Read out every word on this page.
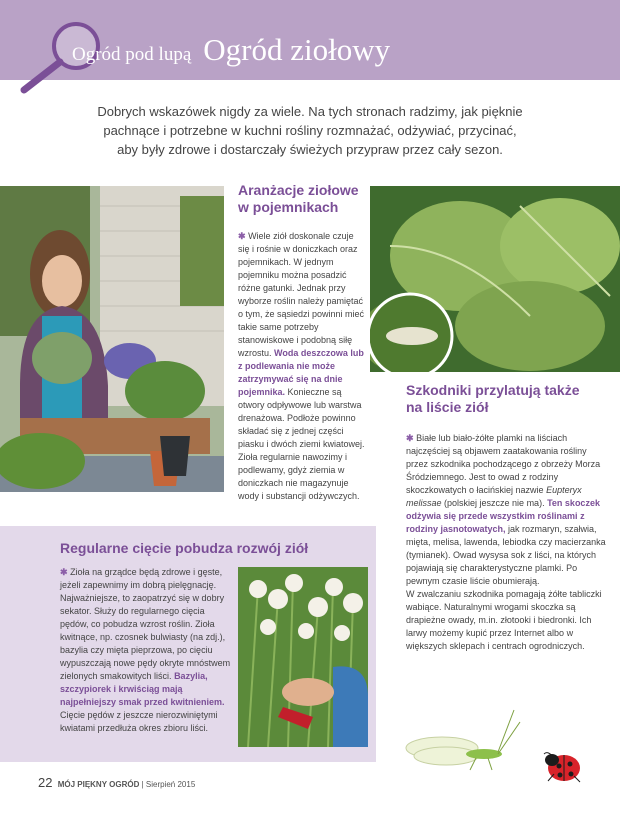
Ogród pod lupą Ogród ziołowy

Dobrych wskazówek nigdy za wiele. Na tych stronach radzimy, jak pięknie pachnące i potrzebne w kuchni rośliny rozmnażać, odżywiać, przycinać, aby były zdrowe i dostarczały świeżych przypraw przez cały sezon.

Aranżacje ziołowe w pojemnikach
✱ Wiele ziół doskonale czuje się i rośnie w doniczkach oraz pojemnikach. W jednym pojemniku można posadzić różne gatunki. Jednak przy wyborze roślin należy pamiętać o tym, że sąsiedzi powinni mieć takie same potrzeby stanowiskowe i podobną siłę wzrostu. Woda deszczowa lub z podlewania nie może zatrzymywać się na dnie pojemnika. Konieczne są otwory odpływowe lub warstwa drenażowa. Podłoże powinno składać się z jednej części piasku i dwóch ziemi kwiatowej.
Zioła regularnie nawozimy i podlewamy, gdyż ziemia w doniczkach nie magazynuje wody i substancji odżywczych.
Szkodniki przylatują także na liście ziół
✱ Białe lub biało-żółte plamki na liściach najczęściej są objawem zaatakowania rośliny przez szkodnika pochodzącego z obrzeży Morza Śródziemnego. Jest to owad z rodziny skoczkowatych o łacińskiej nazwie Eupteryx melissae (polskiej jeszcze nie ma). Ten skoczek odżywia się przede wszystkim roślinami z rodziny jasnotowatych, jak rozmaryn, szałwia, mięta, melisa, lawenda, lebiodka czy macierzanka (tymianek). Owad wysysa sok z liści, na których pojawiają się charakterystyczne plamki. Po pewnym czasie liście obumierają.
W zwalczaniu szkodnika pomagają żółte tabliczki wabiące. Naturalnymi wrogami skoczka są drapieżne owady, m.in. złotooki i biedronki. Ich larwy możemy kupić przez Internet albo w większych sklepach i centrach ogrodniczych.
Regularne cięcie pobudza rozwój ziół
✱ Zioła na grządce będą zdrowe i gęste, jeżeli zapewnimy im dobrą pielęgnację. Najważniejsze, to zaopatrzyć się w dobry sekator. Służy do regularnego cięcia pędów, co pobudza wzrost roślin. Zioła kwitnące, np. czosnek bulwiasty (na zdj.), bazylia czy mięta pieprzowa, po cięciu wypuszczają nowe pędy okryte mnóstwem zielonych smakowitych liści. Bazylia, szczypiorek i krwiściąg mają najpełniejszy smak przed kwitnieniem. Cięcie pędów z jeszcze nierozwiniętymi kwiatami przedłuża okres zbioru liści.
22 MÓJ PIĘKNY OGRÓD | Sierpień 2015
